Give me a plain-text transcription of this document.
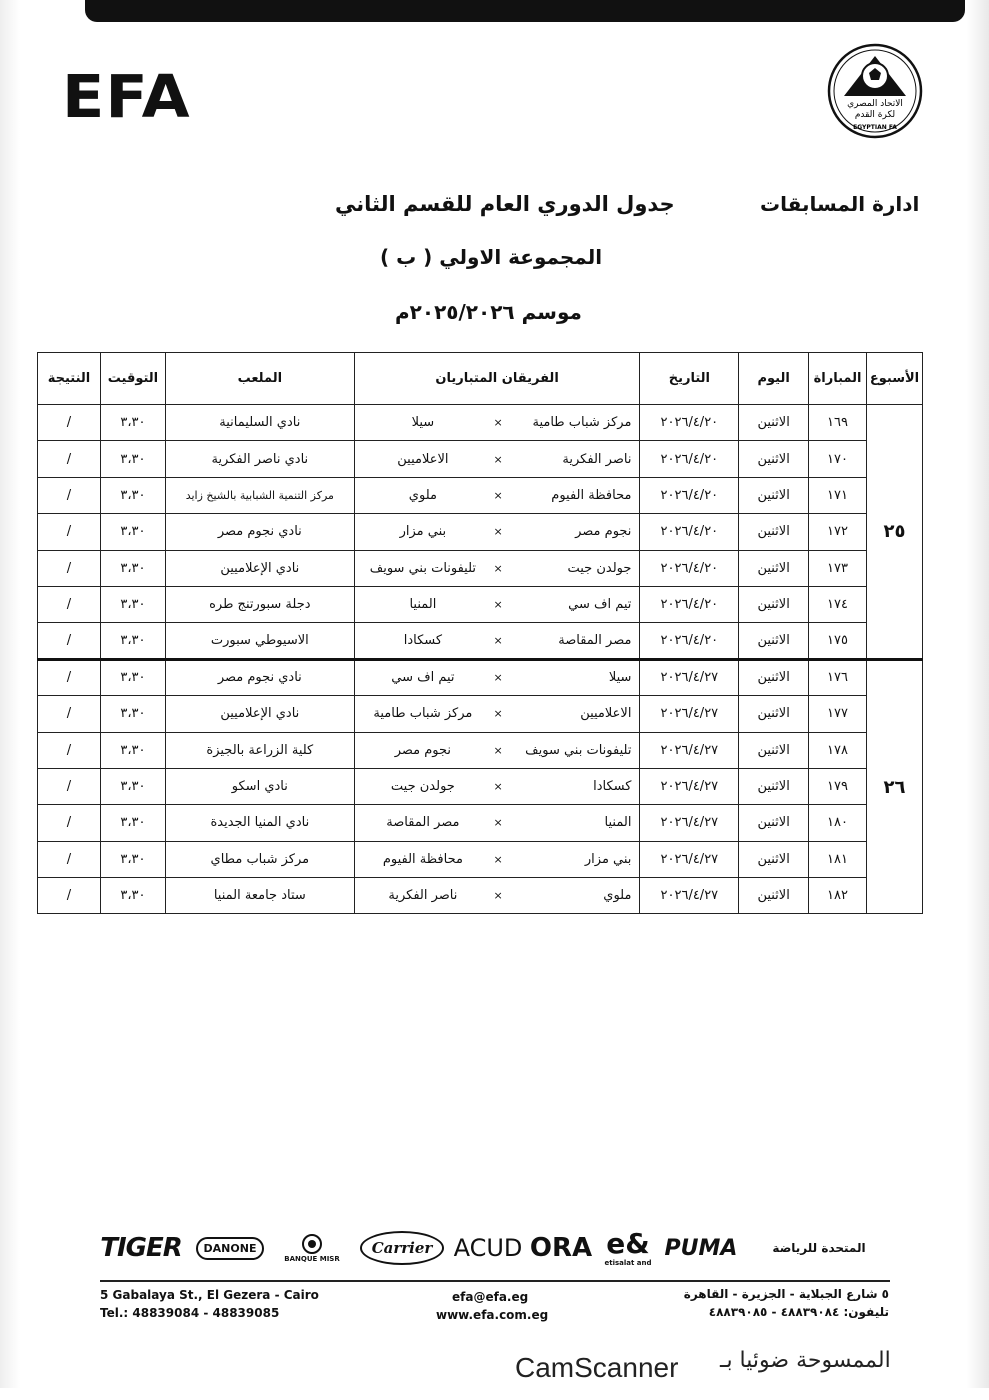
EFA	الاتحاد المصري
لكرة القدم
EGYPTIAN FA
ادارة المسابقات
جدول الدوري العام للقسم الثاني
المجموعة الاولي ( ب )
موسم ٢٠٢٥/٢٠٢٦م
الأسبوع	المباراة	اليوم	التاريخ	الفريقان المتباريان			الملعب	التوقيت	النتيجة
٢٥	١٦٩	الاثنين	٢٠٢٦/٤/٢٠	مركز شباب طامية	×	سيلا	نادي السليمانية	٣،٣٠	/
	١٧٠	الاثنين	٢٠٢٦/٤/٢٠	ناصر الفكرية	×	الاعلاميين	نادي ناصر الفكرية	٣،٣٠	/
	١٧١	الاثنين	٢٠٢٦/٤/٢٠	محافظة الفيوم	×	ملوي	مركز التنمية الشبابية بالشيخ زايد	٣،٣٠	/
	١٧٢	الاثنين	٢٠٢٦/٤/٢٠	نجوم مصر	×	بني مزار	نادي نجوم مصر	٣،٣٠	/
	١٧٣	الاثنين	٢٠٢٦/٤/٢٠	جولدن جيت	×	تليفونات بني سويف	نادي الإعلاميين	٣،٣٠	/
	١٧٤	الاثنين	٢٠٢٦/٤/٢٠	تيم اف سي	×	المنيا	دجلة سبورتنج طره	٣،٣٠	/
	١٧٥	الاثنين	٢٠٢٦/٤/٢٠	مصر المقاصة	×	كسكادا	الاسيوطي سبورت	٣،٣٠	/
٢٦	١٧٦	الاثنين	٢٠٢٦/٤/٢٧	سيلا	×	تيم اف سي	نادي نجوم مصر	٣،٣٠	/
	١٧٧	الاثنين	٢٠٢٦/٤/٢٧	الاعلاميين	×	مركز شباب طامية	نادي الإعلاميين	٣،٣٠	/
	١٧٨	الاثنين	٢٠٢٦/٤/٢٧	تليفونات بني سويف	×	نجوم مصر	كلية الزراعة بالجيزة	٣،٣٠	/
	١٧٩	الاثنين	٢٠٢٦/٤/٢٧	كسكادا	×	جولدن جيت	نادي اسكو	٣،٣٠	/
	١٨٠	الاثنين	٢٠٢٦/٤/٢٧	المنيا	×	مصر المقاصة	نادي المنيا الجديدة	٣،٣٠	/
	١٨١	الاثنين	٢٠٢٦/٤/٢٧	بني مزار	×	محافظة الفيوم	مركز شباب مطاي	٣،٣٠	/
	١٨٢	الاثنين	٢٠٢٦/٤/٢٧	ملوي	×	ناصر الفكرية	ستاد جامعة المنيا	٣،٣٠	/
TIGER	DANONE
BANQUE MISR
Carrier ACUD ORA e&
etisalat and
PUMA	المتحدة للرياضة
5 Gabalaya St., El Gezera - Cairo
Tel.: 48839084 - 48839085
efa@efa.eg
www.efa.com.eg
٥ شارع الجبلاية - الجزيرة - القاهرة
تليفون: ٤٨٨٣٩٠٨٤ - ٤٨٨٣٩٠٨٥
CamScanner الممسوحة ضوئيا بـ
